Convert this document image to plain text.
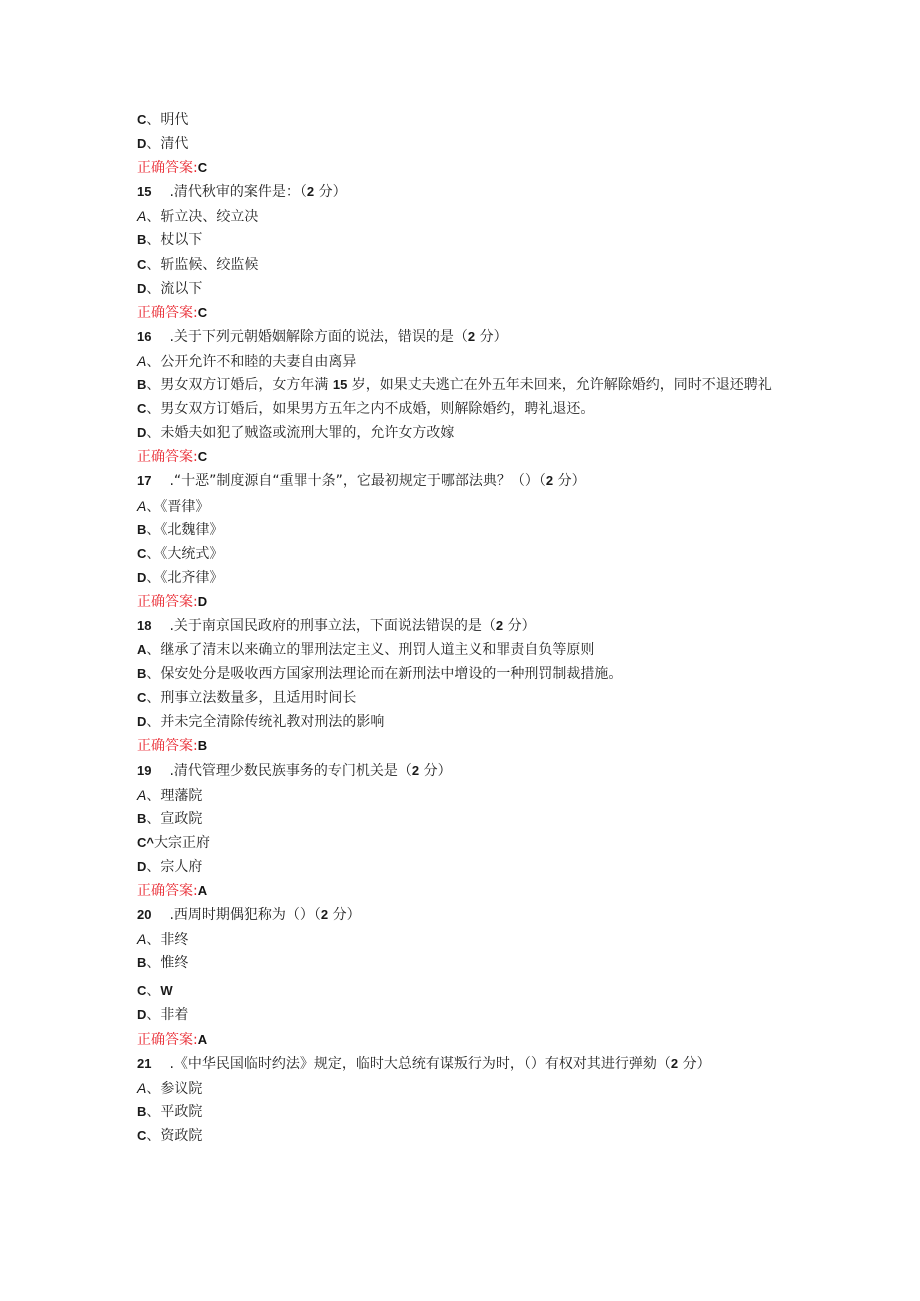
C、明代
D、清代
正确答案:C
15 .清代秋审的案件是：（2 分）
A、斩立决、绞立决
B、杖以下
C、斩监候、绞监候
D、流以下
正确答案:C
16 .关于下列元朝婚姻解除方面的说法，错误的是（2 分）
A、公开允许不和睦的夫妻自由离异
B、男女双方订婚后，女方年满 15 岁，如果丈夫逃亡在外五年未回来，允许解除婚约，同时不退还聘礼
C、男女双方订婚后，如果男方五年之内不成婚，则解除婚约，聘礼退还。
D、未婚夫如犯了贼盗或流刑大罪的，允许女方改嫁
正确答案:C
17 .“十恶”制度源自“重罪十条”，它最初规定于哪部法典？（）（2 分）
A、《晋律》
B、《北魏律》
C、《大统式》
D、《北齐律》
正确答案:D
18 .关于南京国民政府的刑事立法，下面说法错误的是（2 分）
A、继承了清末以来确立的罪刑法定主义、刑罚人道主义和罪责自负等原则
B、保安处分是吸收西方国家刑法理论而在新刑法中增设的一种刑罚制裁措施。
C、刑事立法数量多，且适用时间长
D、并未完全清除传统礼教对刑法的影响
正确答案:B
19 .清代管理少数民族事务的专门机关是（2 分）
A、理藩院
B、宣政院
C^大宗正府
D、宗人府
正确答案:A
20 .西周时期偶犯称为（）（2 分）
A、非终
B、惟终
C、W
D、非着
正确答案:A
21 .《中华民国临时约法》规定，临时大总统有谋叛行为时，（）有权对其进行弹劾（2 分）
A、参议院
B、平政院
C、资政院
